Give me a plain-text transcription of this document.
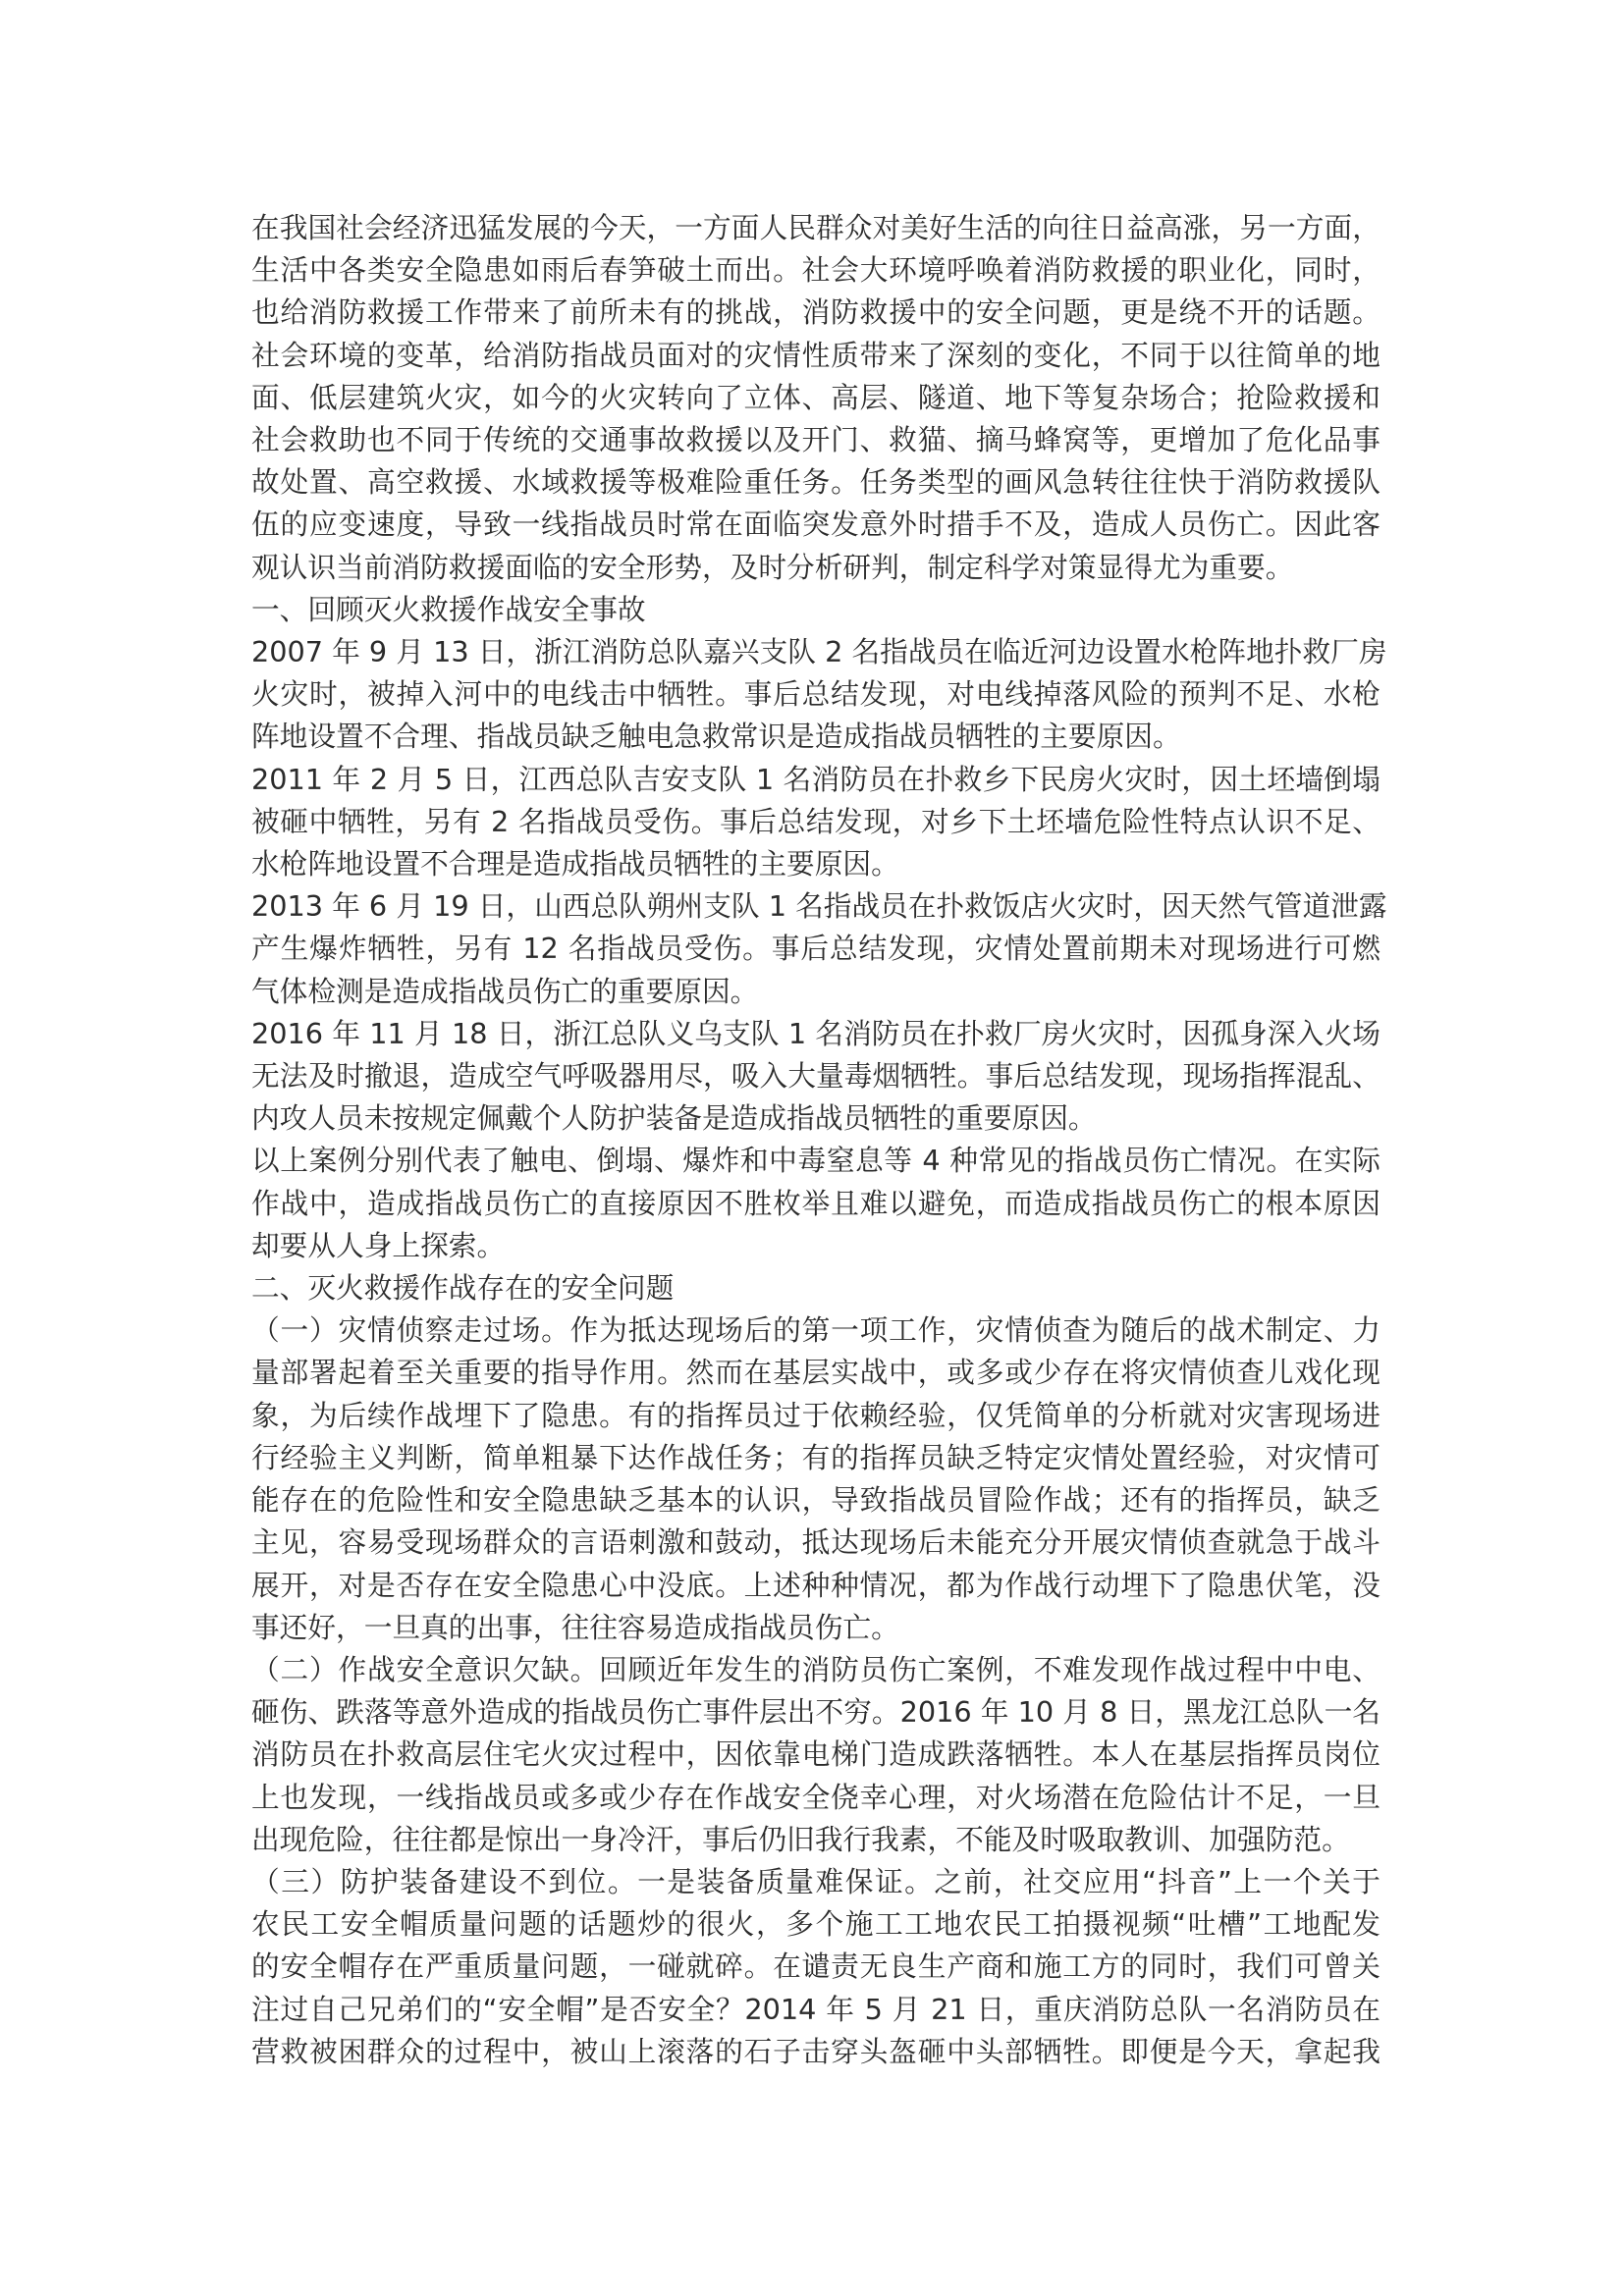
在我国社会经济迅猛发展的今天，一方面人民群众对美好生活的向往日益高涨，另一方面，
生活中各类安全隐患如雨后春笋破土而出。社会大环境呼唤着消防救援的职业化，同时，
也给消防救援工作带来了前所未有的挑战，消防救援中的安全问题，更是绕不开的话题。
社会环境的变革，给消防指战员面对的灾情性质带来了深刻的变化，不同于以往简单的地
面、低层建筑火灾，如今的火灾转向了立体、高层、隧道、地下等复杂场合；抢险救援和
社会救助也不同于传统的交通事故救援以及开门、救猫、摘马蜂窝等，更增加了危化品事
故处置、高空救援、水域救援等极难险重任务。任务类型的画风急转往往快于消防救援队
伍的应变速度，导致一线指战员时常在面临突发意外时措手不及，造成人员伤亡。因此客
观认识当前消防救援面临的安全形势，及时分析研判，制定科学对策显得尤为重要。
一、回顾灭火救援作战安全事故
2007 年 9 月 13 日，浙江消防总队嘉兴支队 2 名指战员在临近河边设置水枪阵地扑救厂房
火灾时，被掉入河中的电线击中牺牲。事后总结发现，对电线掉落风险的预判不足、水枪
阵地设置不合理、指战员缺乏触电急救常识是造成指战员牺牲的主要原因。
2011 年 2 月 5 日，江西总队吉安支队 1 名消防员在扑救乡下民房火灾时，因土坯墙倒塌
被砸中牺牲，另有 2 名指战员受伤。事后总结发现，对乡下土坯墙危险性特点认识不足、
水枪阵地设置不合理是造成指战员牺牲的主要原因。
2013 年 6 月 19 日，山西总队朔州支队 1 名指战员在扑救饭店火灾时，因天然气管道泄露
产生爆炸牺牲，另有 12 名指战员受伤。事后总结发现，灾情处置前期未对现场进行可燃
气体检测是造成指战员伤亡的重要原因。
2016 年 11 月 18 日，浙江总队义乌支队 1 名消防员在扑救厂房火灾时，因孤身深入火场
无法及时撤退，造成空气呼吸器用尽，吸入大量毒烟牺牲。事后总结发现，现场指挥混乱、
内攻人员未按规定佩戴个人防护装备是造成指战员牺牲的重要原因。
以上案例分别代表了触电、倒塌、爆炸和中毒窒息等 4 种常见的指战员伤亡情况。在实际
作战中，造成指战员伤亡的直接原因不胜枚举且难以避免，而造成指战员伤亡的根本原因
却要从人身上探索。
二、灭火救援作战存在的安全问题
（一）灾情侦察走过场。作为抵达现场后的第一项工作，灾情侦查为随后的战术制定、力
量部署起着至关重要的指导作用。然而在基层实战中，或多或少存在将灾情侦查儿戏化现
象，为后续作战埋下了隐患。有的指挥员过于依赖经验，仅凭简单的分析就对灾害现场进
行经验主义判断，简单粗暴下达作战任务；有的指挥员缺乏特定灾情处置经验，对灾情可
能存在的危险性和安全隐患缺乏基本的认识，导致指战员冒险作战；还有的指挥员，缺乏
主见，容易受现场群众的言语刺激和鼓动，抵达现场后未能充分开展灾情侦查就急于战斗
展开，对是否存在安全隐患心中没底。上述种种情况，都为作战行动埋下了隐患伏笔，没
事还好，一旦真的出事，往往容易造成指战员伤亡。
（二）作战安全意识欠缺。回顾近年发生的消防员伤亡案例，不难发现作战过程中中电、
砸伤、跌落等意外造成的指战员伤亡事件层出不穷。2016 年 10 月 8 日，黑龙江总队一名
消防员在扑救高层住宅火灾过程中，因依靠电梯门造成跌落牺牲。本人在基层指挥员岗位
上也发现，一线指战员或多或少存在作战安全侥幸心理，对火场潜在危险估计不足，一旦
出现危险，往往都是惊出一身冷汗，事后仍旧我行我素，不能及时吸取教训、加强防范。
（三）防护装备建设不到位。一是装备质量难保证。之前，社交应用“抖音”上一个关于
农民工安全帽质量问题的话题炒的很火，多个施工工地农民工拍摄视频“吐槽”工地配发
的安全帽存在严重质量问题，一碰就碎。在谴责无良生产商和施工方的同时，我们可曾关
注过自己兄弟们的“安全帽”是否安全？2014 年 5 月 21 日，重庆消防总队一名消防员在
营救被困群众的过程中，被山上滚落的石子击穿头盔砸中头部牺牲。即便是今天，拿起我
